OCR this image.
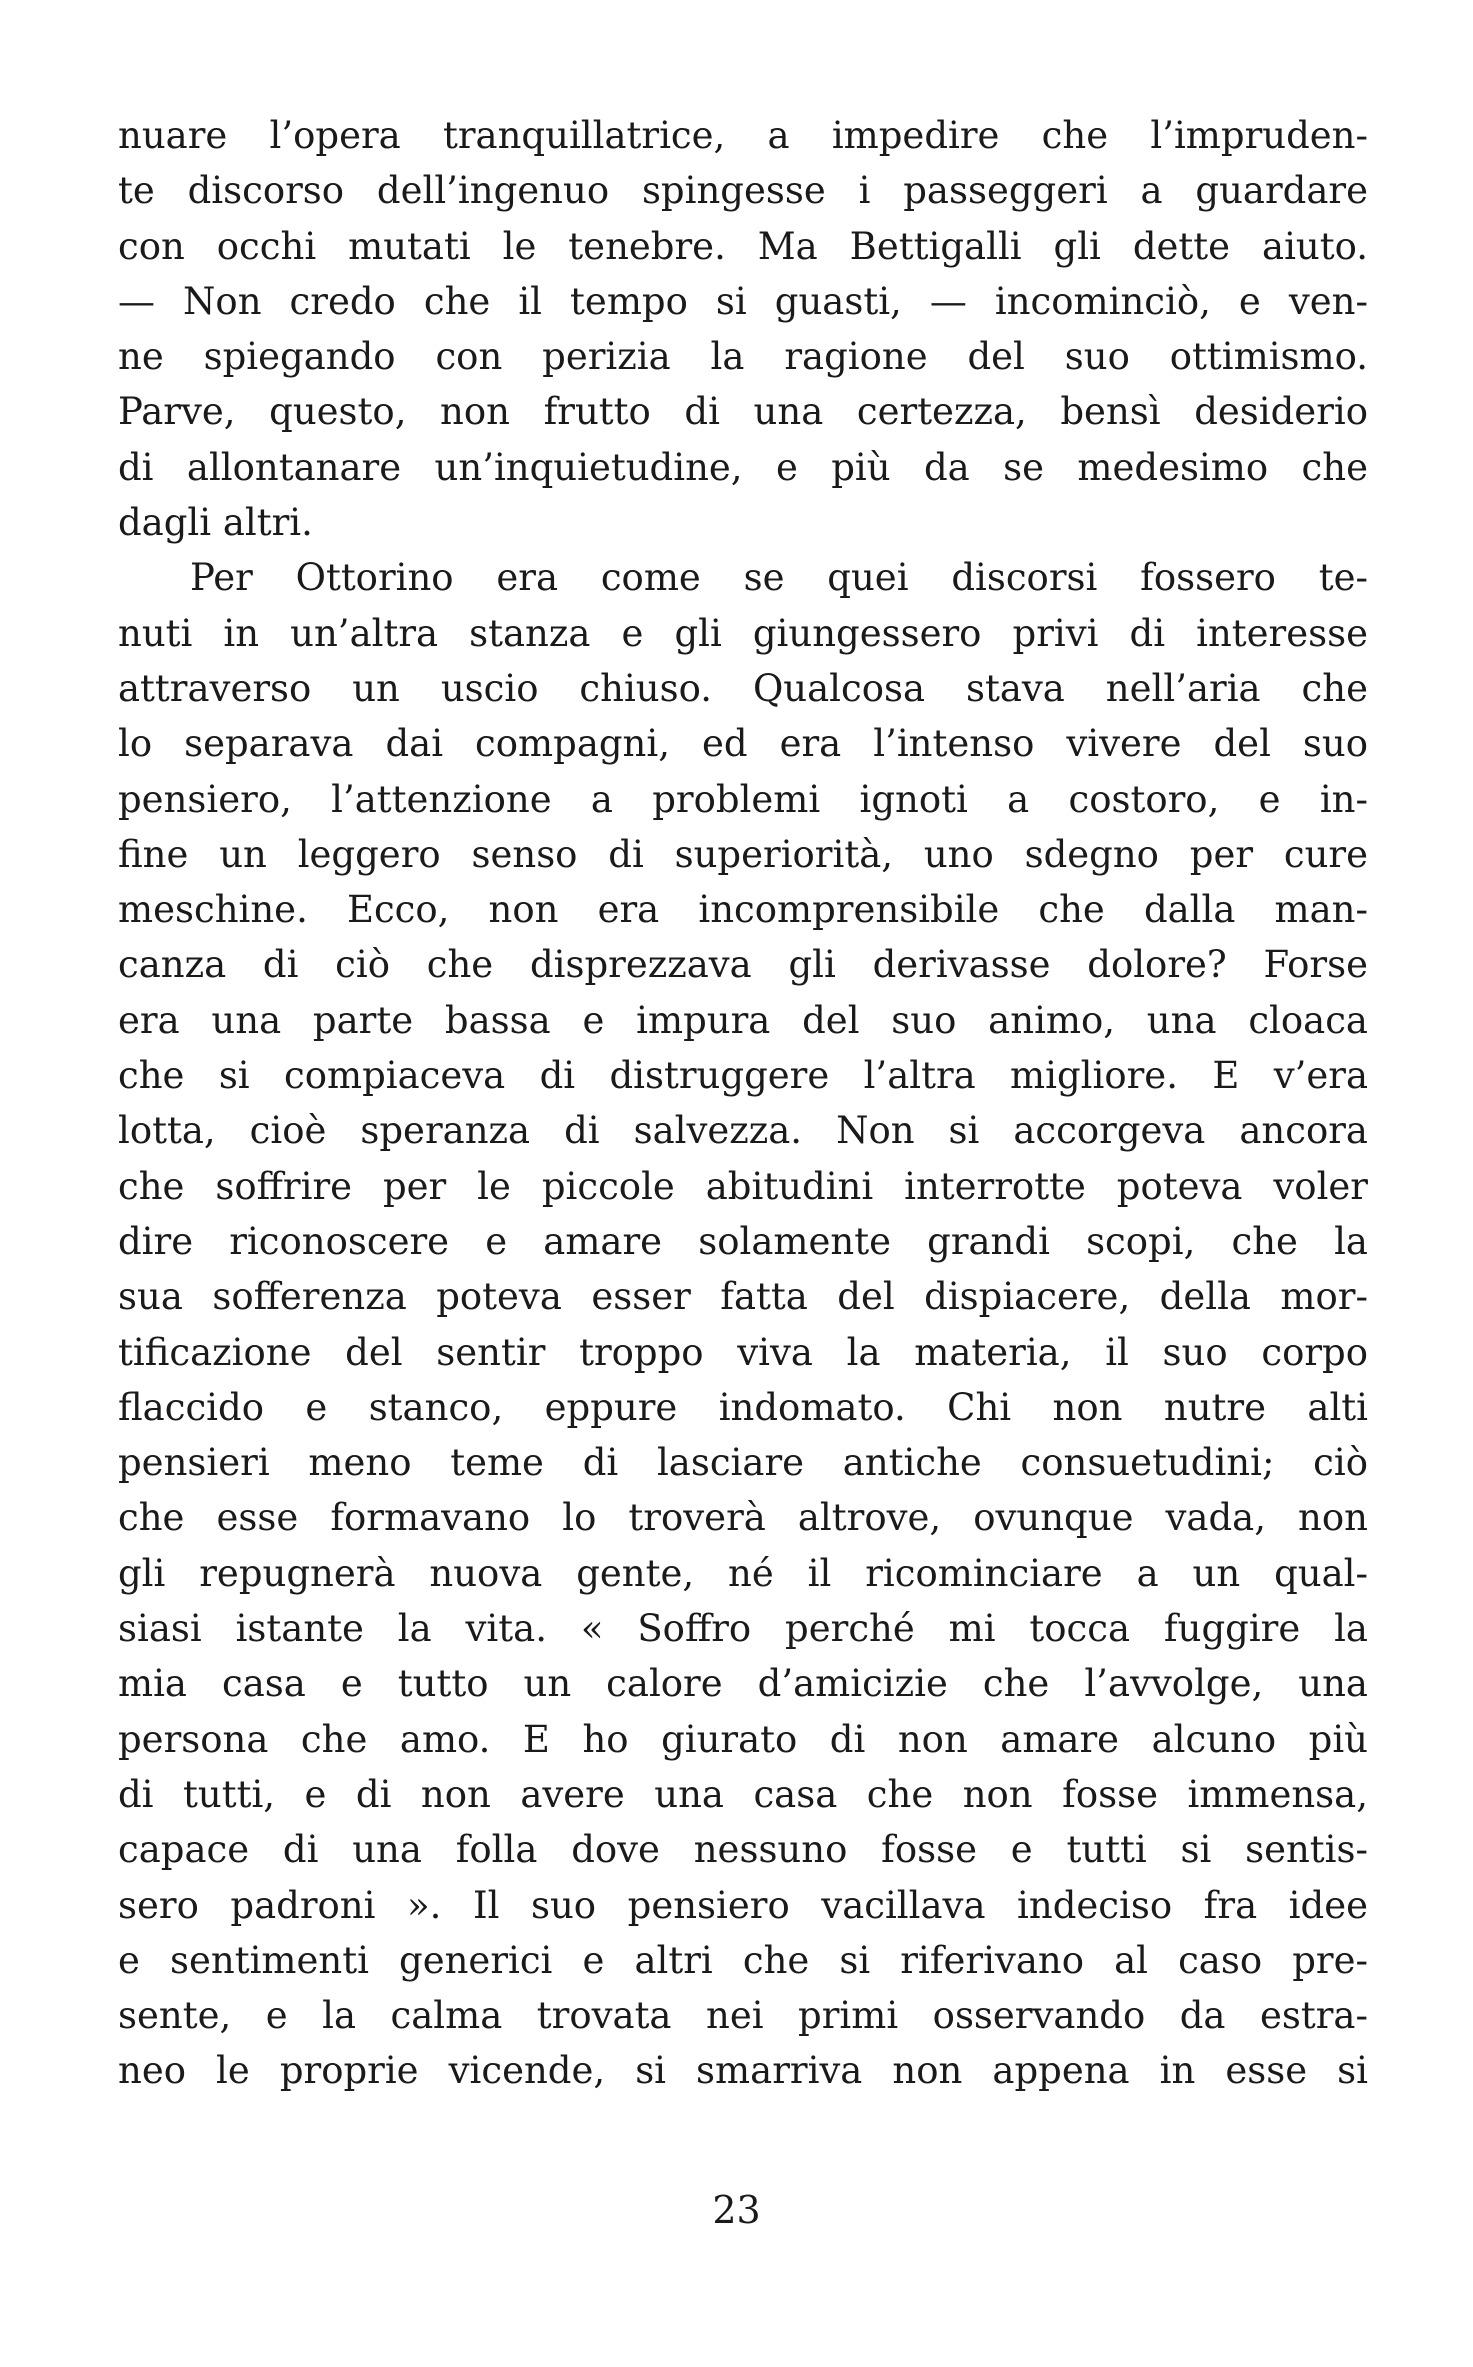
nuare l’opera tranquillatrice, a impedire che l’impruden-
te discorso dell’ingenuo spingesse i passeggeri a guardare
con occhi mutati le tenebre. Ma Bettigalli gli dette aiuto.
— Non credo che il tempo si guasti, — incominciò, e ven-
ne spiegando con perizia la ragione del suo ottimismo.
Parve, questo, non frutto di una certezza, bensì desiderio
di allontanare un’inquietudine, e più da se medesimo che
dagli altri.
Per Ottorino era come se quei discorsi fossero te-
nuti in un’altra stanza e gli giungessero privi di interesse
attraverso un uscio chiuso. Qualcosa stava nell’aria che
lo separava dai compagni, ed era l’intenso vivere del suo
pensiero, l’attenzione a problemi ignoti a costoro, e in-
fine un leggero senso di superiorità, uno sdegno per cure
meschine. Ecco, non era incomprensibile che dalla man-
canza di ciò che disprezzava gli derivasse dolore? Forse
era una parte bassa e impura del suo animo, una cloaca
che si compiaceva di distruggere l’altra migliore. E v’era
lotta, cioè speranza di salvezza. Non si accorgeva ancora
che soffrire per le piccole abitudini interrotte poteva voler
dire riconoscere e amare solamente grandi scopi, che la
sua sofferenza poteva esser fatta del dispiacere, della mor-
tificazione del sentir troppo viva la materia, il suo corpo
flaccido e stanco, eppure indomato. Chi non nutre alti
pensieri meno teme di lasciare antiche consuetudini; ciò
che esse formavano lo troverà altrove, ovunque vada, non
gli repugnerà nuova gente, né il ricominciare a un qual-
siasi istante la vita. « Soffro perché mi tocca fuggire la
mia casa e tutto un calore d’amicizie che l’avvolge, una
persona che amo. E ho giurato di non amare alcuno più
di tutti, e di non avere una casa che non fosse immensa,
capace di una folla dove nessuno fosse e tutti si sentis-
sero padroni ». Il suo pensiero vacillava indeciso fra idee
e sentimenti generici e altri che si riferivano al caso pre-
sente, e la calma trovata nei primi osservando da estra-
neo le proprie vicende, si smarriva non appena in esse si
23
